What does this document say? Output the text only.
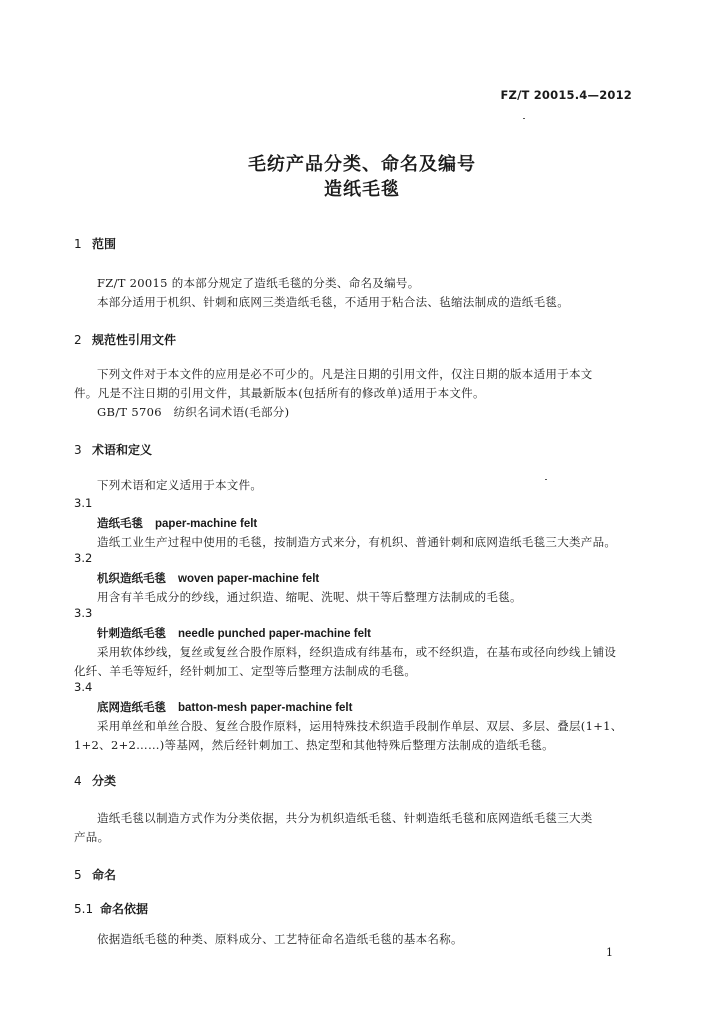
FZ/T 20015.4—2012
毛纺产品分类、命名及编号
造纸毛毯
1 范围
FZ/T 20015 的本部分规定了造纸毛毯的分类、命名及编号。
本部分适用于机织、针刺和底网三类造纸毛毯，不适用于粘合法、毡缩法制成的造纸毛毯。
2 规范性引用文件
下列文件对于本文件的应用是必不可少的。凡是注日期的引用文件，仅注日期的版本适用于本文
件。凡是不注日期的引用文件，其最新版本(包括所有的修改单)适用于本文件。
GB/T 5706　纺织名词术语(毛部分)
3 术语和定义
下列术语和定义适用于本文件。
3.1
造纸毛毯 paper-machine felt
造纸工业生产过程中使用的毛毯，按制造方式来分，有机织、普通针刺和底网造纸毛毯三大类产品。
3.2
机织造纸毛毯 woven paper-machine felt
用含有羊毛成分的纱线，通过织造、缩呢、洗呢、烘干等后整理方法制成的毛毯。
3.3
针刺造纸毛毯 needle punched paper-machine felt
采用软体纱线，复丝或复丝合股作原料，经织造成有纬基布，或不经织造，在基布或径向纱线上铺设
化纤、羊毛等短纤，经针刺加工、定型等后整理方法制成的毛毯。
3.4
底网造纸毛毯 batton-mesh paper-machine felt
采用单丝和单丝合股、复丝合股作原料，运用特殊技术织造手段制作单层、双层、多层、叠层(1+1、
1+2、2+2……)等基网，然后经针刺加工、热定型和其他特殊后整理方法制成的造纸毛毯。
4 分类
造纸毛毯以制造方式作为分类依据，共分为机织造纸毛毯、针刺造纸毛毯和底网造纸毛毯三大类
产品。
5 命名
5.1 命名依据
依据造纸毛毯的种类、原料成分、工艺特征命名造纸毛毯的基本名称。
1
